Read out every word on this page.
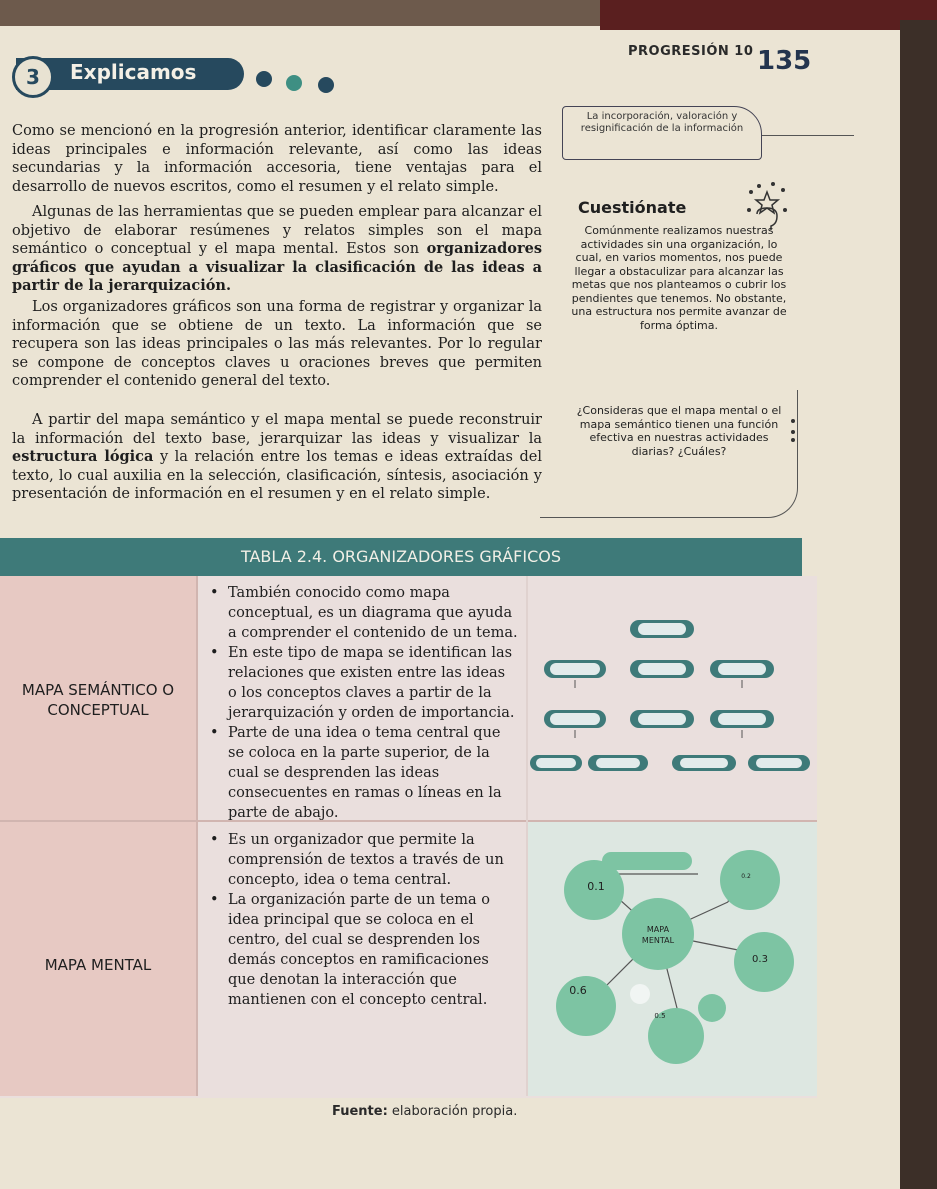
PROGRESIÓN 10 135
3	Explicamos
La incorporación, valoración y
resignificación de la información

Como se mencionó en la progresión anterior, identificar claramente las ideas principales e información relevante, así como las ideas secundarias y la información accesoria, tiene ventajas para el desarrollo de nuevos escritos, como el resumen y el relato simple.

Algunas de las herramientas que se pueden emplear para alcanzar el objetivo de elaborar resúmenes y relatos simples son el mapa semántico o conceptual y el mapa mental. Estos son organizadores gráficos que ayudan a visualizar la clasificación de las ideas a partir de la jerarquización.

Los organizadores gráficos son una forma de registrar y organizar la información que se obtiene de un texto. La información que se recupera son las ideas principales o las más relevantes. Por lo regular se compone de conceptos claves u oraciones breves que permiten comprender el contenido general del texto.

A partir del mapa semántico y el mapa mental se puede reconstruir la información del texto base, jerarquizar las ideas y visualizar la estructura lógica y la relación entre los temas e ideas extraídas del texto, lo cual auxilia en la selección, clasificación, síntesis, asociación y presentación de información en el resumen y en el relato simple.

Cuestiónate

Comúnmente realizamos nuestras actividades sin una organización, lo cual, en varios momentos, nos puede llegar a obstaculizar para alcanzar las metas que nos planteamos o cubrir los pendientes que tenemos. No obstante, una estructura nos permite avanzar de forma óptima.

¿Consideras que el mapa mental o el mapa semántico tienen una función efectiva en nuestras actividades diarias? ¿Cuáles?

TABLA 2.4. ORGANIZADORES GRÁFICOS
MAPA SEMÁNTICO O
CONCEPTUAL
MAPA MENTAL
• También conocido como mapa conceptual, es un diagrama que ayuda a comprender el contenido de un tema.
• En este tipo de mapa se identifican las relaciones que existen entre las ideas o los conceptos claves a partir de la jerarquización y orden de importancia.
• Parte de una idea o tema central que se coloca en la parte superior, de la cual se desprenden las ideas consecuentes en ramas o líneas en la parte de abajo.
• Es un organizador que permite la comprensión de textos a través de un concepto, idea o tema central.
• La organización parte de un tema o idea principal que se coloca en el centro, del cual se desprenden los demás conceptos en ramificaciones que denotan la interacción que mantienen con el concepto central.
MAPA
MENTAL
0.1
0.2
0.3
0.6
0.5
Fuente: elaboración propia.
